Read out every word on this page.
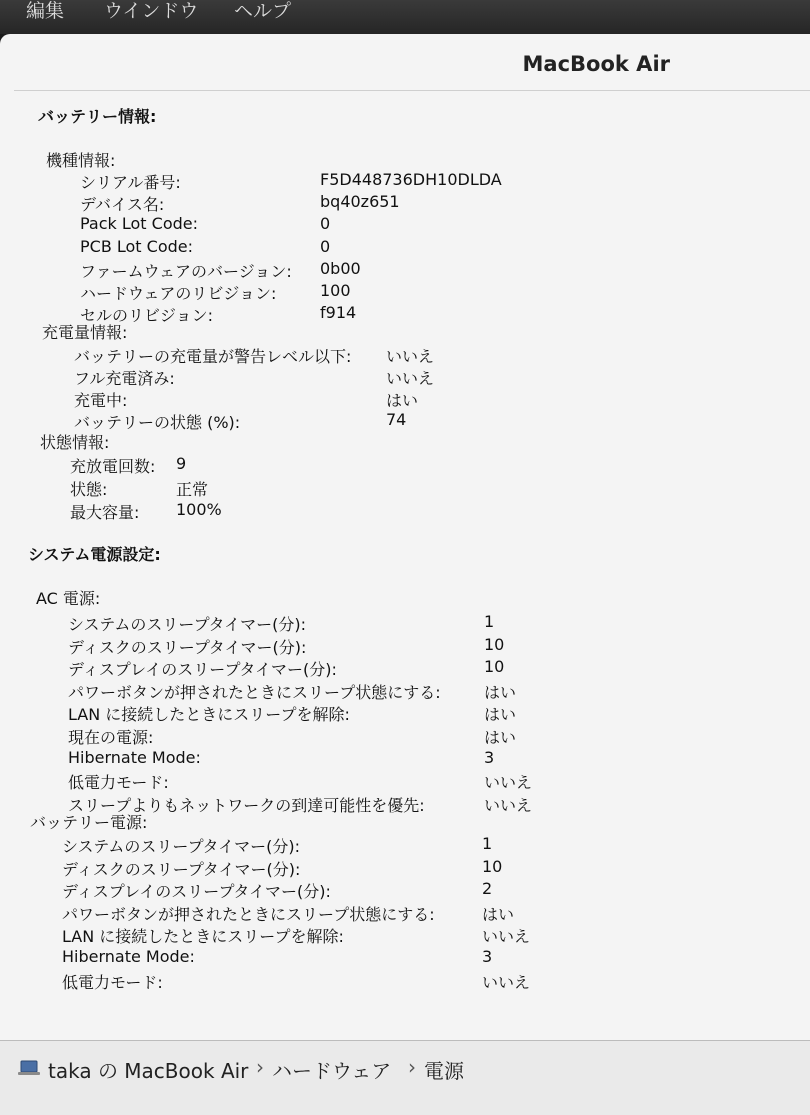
編集 ウインドウ ヘルプ
MacBook Air
バッテリー情報:
機種情報:
シリアル番号:	F5D448736DH10DLDA
デバイス名:	bq40z651
Pack Lot Code:	0
PCB Lot Code:	0
ファームウェアのバージョン: 0b00
ハードウェアのリビジョン:	100
セルのリビジョン:	f914
充電量情報:
バッテリーの充電量が警告レベル以下: いいえ
フル充電済み:	いいえ
充電中:	はい
バッテリーの状態 (%):	74
状態情報:
充放電回数: 9
状態:	正常
最大容量: 100%
システム電源設定:
AC 電源:
システムのスリープタイマー(分):	1
ディスクのスリープタイマー(分):	10
ディスプレイのスリープタイマー(分):	10
パワーボタンが押されたときにスリープ状態にする:	はい
LAN に接続したときにスリープを解除:	はい
現在の電源:	はい
Hibernate Mode:	3
低電力モード:	いいえ
スリープよりもネットワークの到達可能性を優先:	いいえ
バッテリー電源:
システムのスリープタイマー(分):	1
ディスクのスリープタイマー(分):	10
ディスプレイのスリープタイマー(分):	2
パワーボタンが押されたときにスリープ状態にする:	はい
LAN に接続したときにスリープを解除:	いいえ
Hibernate Mode:	3
低電力モード:	いいえ
taka の MacBook Air › ハードウェア › 電源
